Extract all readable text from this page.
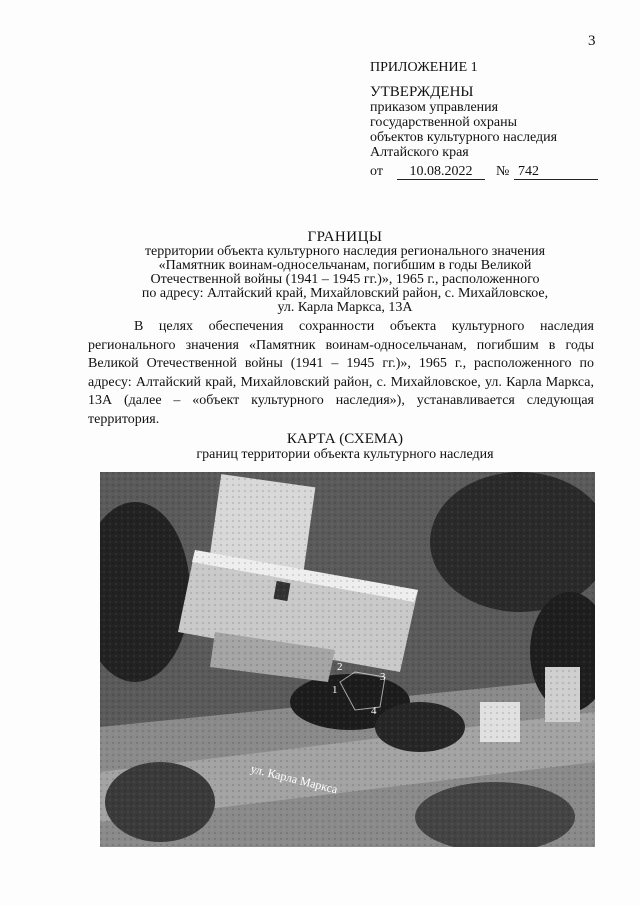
3
ПРИЛОЖЕНИЕ 1
УТВЕРЖДЕНЫ
приказом управления
государственной охраны
объектов культурного наследия
Алтайского края
от	10.08.2022	№ 742
ГРАНИЦЫ
территории объекта культурного наследия регионального значения
«Памятник воинам-односельчанам, погибшим в годы Великой
Отечественной войны (1941 – 1945 гг.)», 1965 г., расположенного
по адресу: Алтайский край, Михайловский район, с. Михайловское,
ул. Карла Маркса, 13А
В целях обеспечения сохранности объекта культурного наследия регионального значения «Памятник воинам-односельчанам, погибшим в годы Великой Отечественной войны (1941 – 1945 гг.)», 1965 г., расположенного по адресу: Алтайский край, Михайловский район, с. Михайловское, ул. Карла Маркса, 13А (далее – «объект культурного наследия»), устанавливается следующая территория.
КАРТА (СХЕМА)
границ территории объекта культурного наследия
1
2
3
4
ул. Карла Маркса
